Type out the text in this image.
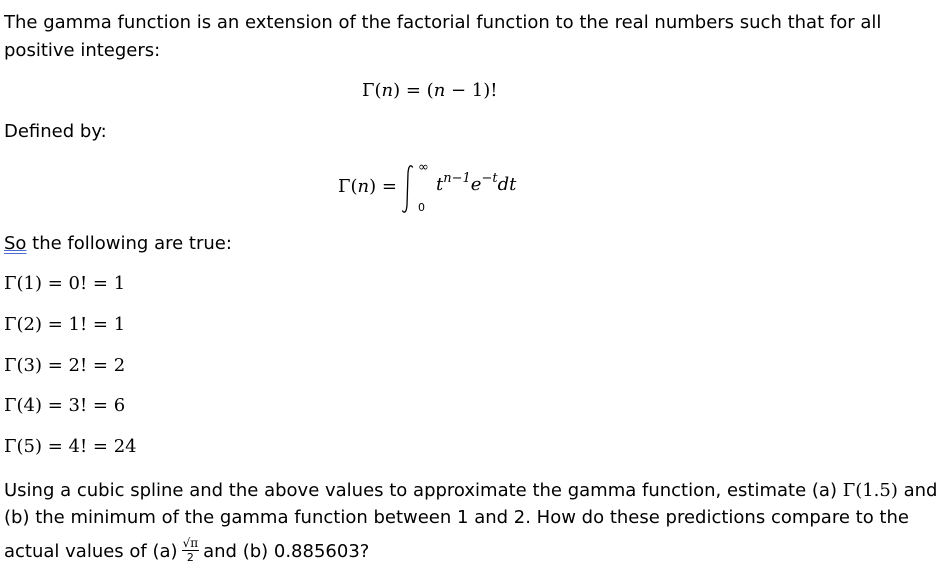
The gamma function is an extension of the factorial function to the real numbers such that for all
positive integers:
Γ(n) = (n − 1)!
Defined by:
Γ(n) =
∞
0
$t^{n-1}e^{-t}dt$
So the following are true:
Γ(1) = 0! = 1
Γ(2) = 1! = 1
Γ(3) = 2! = 2
Γ(4) = 3! = 6
Γ(5) = 4! = 24
Using a cubic spline and the above values to approximate the gamma function, estimate (a) Γ(1.5) and
(b) the minimum of the gamma function between 1 and 2. How do these predictions compare to the
actual values of $(a) \frac{√\pi}{2}$ and (b) 0.885603?
